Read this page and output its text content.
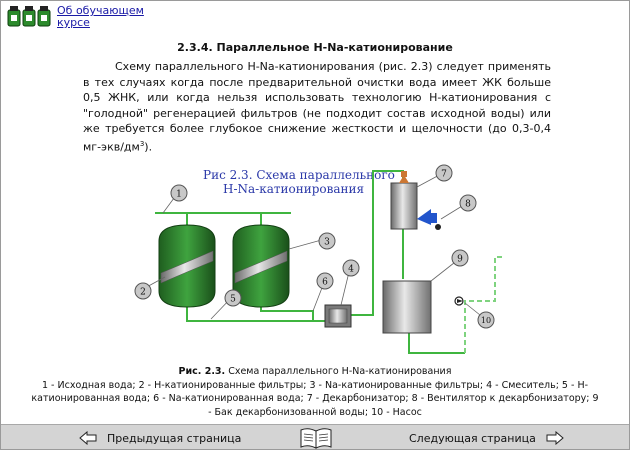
Об обучающем курсе
2.3.4. Параллельное H-Na-катионирование

Схему параллельного H-Na-катионирования (рис. 2.3) следует применять в тех случаях когда после предварительной очистки вода имеет ЖК больше 0,5 ЖНК, или когда нельзя использовать технологию H-катионирования с "голодной" регенерацией фильтров (не подходит состав исходной воды) или же требуется более глубокое снижение жесткости и щелочности (до 0,3-0,4 $мг-экв/дм^3$).

Рис 2.3. Схема параллельного
H-Na-катионирования
1
2
3
4
5
6
7
8
9
10
Рис. 2.3. Схема параллельного H-Na-катионирования
1 - Исходная вода; 2 - H-катионированные фильтры; 3 - Na-катионированные фильтры; 4 - Смеситель; 5 - H-катионированная вода; 6 - Na-катионированная вода; 7 - Декарбонизатор; 8 - Вентилятор к декарбонизатору; 9 - Бак декарбонизованной воды; 10 - Насос
Предыдущая страница	Следующая страница
